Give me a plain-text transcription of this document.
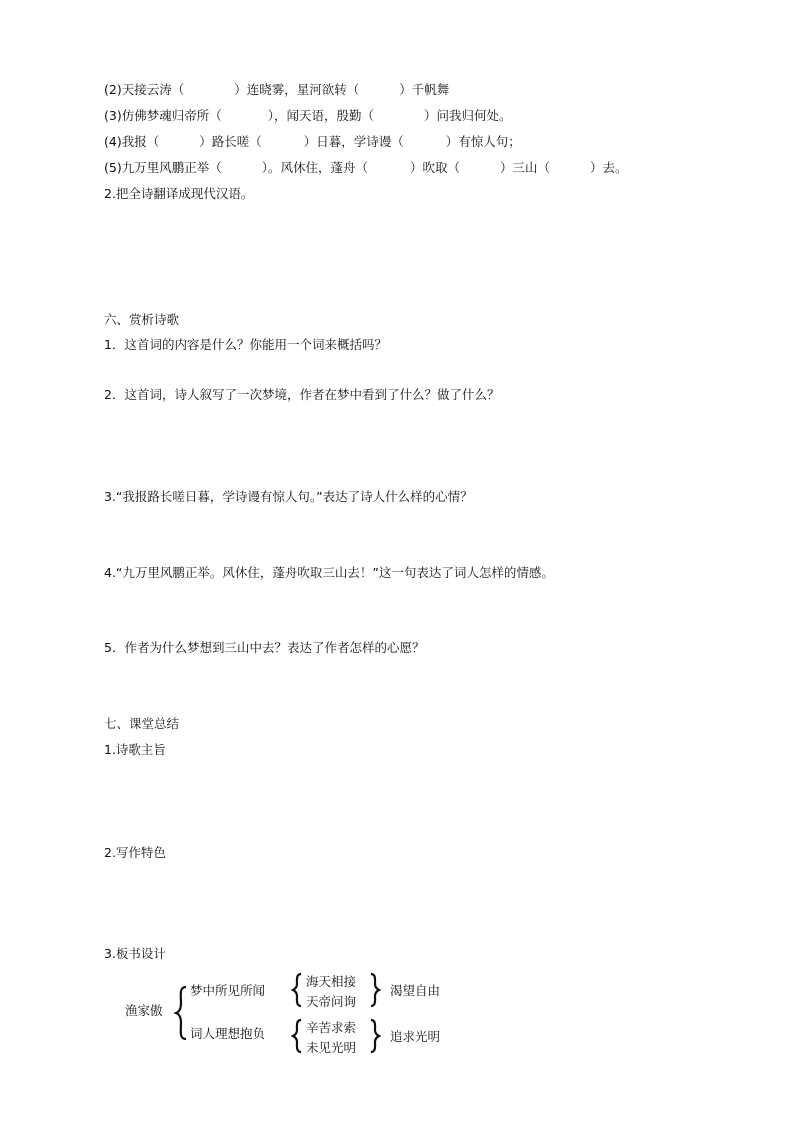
(2)天接云涛（	）连晓雾，星河欲转（	）千帆舞
(3)仿佛梦魂归帝所（	），闻天语，殷勤（	）问我归何处。
(4)我报（	）路长嗟（	）日暮，学诗谩（	）有惊人句；
(5)九万里风鹏正举（	）。风休住，蓬舟（	）吹取（	）三山（	）去。
2.把全诗翻译成现代汉语。
六、赏析诗歌
1．这首词的内容是什么？你能用一个词来概括吗？
2．这首词，诗人叙写了一次梦境，作者在梦中看到了什么？做了什么？
3.“我报路长嗟日暮，学诗谩有惊人句。”表达了诗人什么样的心情？
4.“九万里风鹏正举。风休住，蓬舟吹取三山去！”这一句表达了词人怎样的情感。
5．作者为什么梦想到三山中去？表达了作者怎样的心愿？
七、课堂总结
1.诗歌主旨
2.写作特色
3.板书设计
渔家傲
梦中所见所闻
词人理想抱负
海天相接
天帝问询
渴望自由
辛苦求索
未见光明
追求光明
